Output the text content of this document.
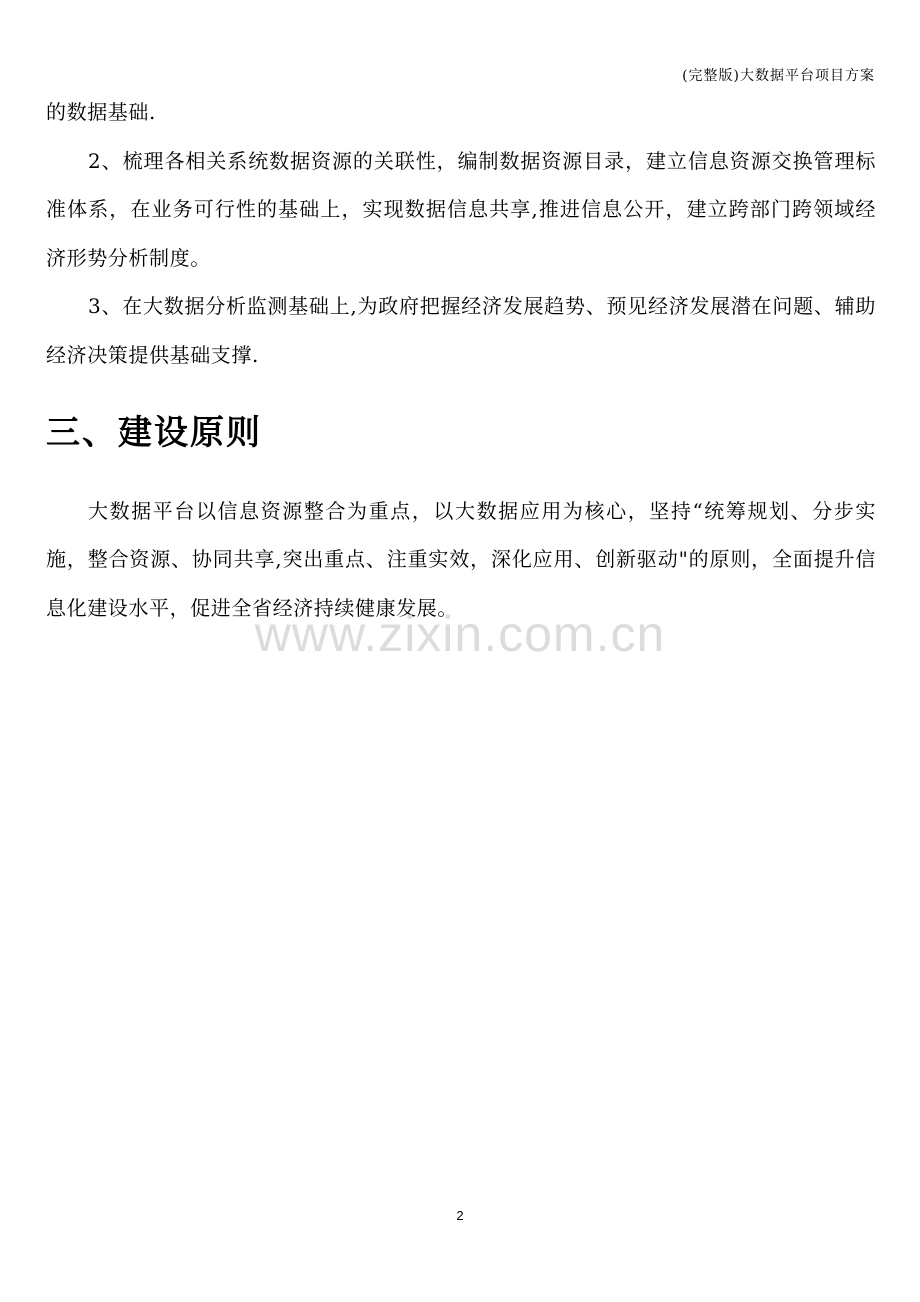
(完整版)大数据平台项目方案

的数据基础.

2、梳理各相关系统数据资源的关联性，编制数据资源目录，建立信息资源交换管理标准体系，在业务可行性的基础上，实现数据信息共享,推进信息公开，建立跨部门跨领域经济形势分析制度。

3、在大数据分析监测基础上,为政府把握经济发展趋势、预见经济发展潜在问题、辅助经济决策提供基础支撑.

三、建设原则

大数据平台以信息资源整合为重点，以大数据应用为核心，坚持“统筹规划、分步实施，整合资源、协同共享,突出重点、注重实效，深化应用、创新驱动"的原则，全面提升信息化建设水平，促进全省经济持续健康发展。

www.zixin.com.cn
2
